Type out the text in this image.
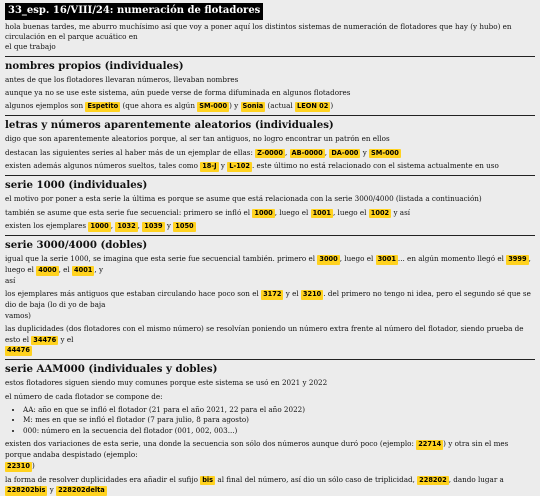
33_esp. 16/VIII/24: numeración de flotadores

hola buenas tardes, me aburro muchísimo así que voy a poner aquí los distintos sistemas de numeración de flotadores que hay (y hubo) en circulación en el parque acuático en
el que trabajo

nombres propios (individuales)

antes de que los flotadores llevaran números, llevaban nombres

aunque ya no se use este sistema, aún puede verse de forma difuminada en algunos flotadores

algunos ejemplos son Espetito (que ahora es algún SM-000 ) y Sonia (actual LEON 02 )

letras y números aparentemente aleatorios (individuales)

digo que son aparentemente aleatorios porque, al ser tan antiguos, no logro encontrar un patrón en ellos

destacan las siguientes series al haber más de un ejemplar de ellas: Z-0000 , AB-0000 , DA-000 y SM-000

existen además algunos números sueltos, tales como 18-J y L-102 . este último no está relacionado con el sistema actualmente en uso

serie 1000 (individuales)

el motivo por poner a esta serie la última es porque se asume que está relacionada con la serie 3000/4000 (listada a continuación)

también se asume que esta serie fue secuencial: primero se infló el 1000 , luego el 1001 , luego el 1002 y así

existen los ejemplares 1000 , 1032 , 1039 y 1050

serie 3000/4000 (dobles)

igual que la serie 1000, se imagina que esta serie fue secuencial también. primero el 3000 , luego el 3001 ... en algún momento llegó el 3999 , luego el 4000 , el 4001 , y
así

los ejemplares más antiguos que estaban circulando hace poco son el 3172 y el 3210 . del primero no tengo ni idea, pero el segundo sé que se dio de baja (lo di yo de baja
vamos)

las duplicidades (dos flotadores con el mismo número) se resolvían poniendo un número extra frente al número del flotador, siendo prueba de esto el 34476 y el
44476

serie AAM000 (individuales y dobles)

estos flotadores siguen siendo muy comunes porque este sistema se usó en 2021 y 2022

el número de cada flotador se compone de:

• AA: año en que se infló el flotador (21 para el año 2021, 22 para el año 2022)
• M: mes en que se infló el flotador (7 para julio, 8 para agosto)
• 000: número en la secuencia del flotador (001, 002, 003...)

existen dos variaciones de esta serie, una donde la secuencia son sólo dos números aunque duró poco (ejemplo: 22714 ) y otra sin el mes porque andaba despistado (ejemplo:
22310 )

la forma de resolver duplicidades era añadir el sufijo bis al final del número, así dio un sólo caso de triplicidad, 228202 , dando lugar a 228202bis y 228202delta
